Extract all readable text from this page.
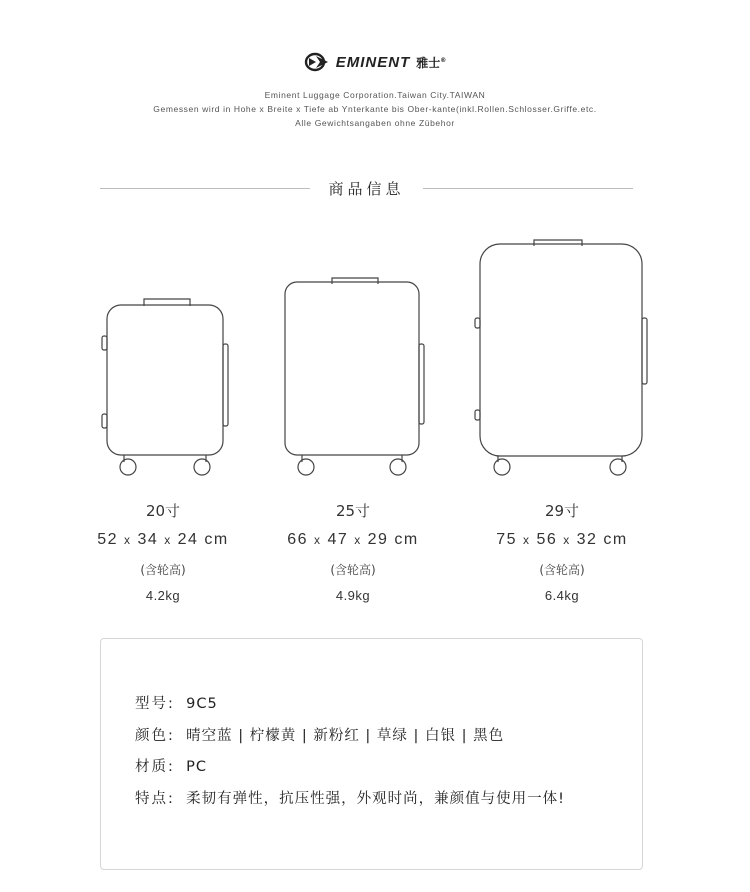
EMINENT 雅士®
Eminent Luggage Corporation.Taiwan City.TAIWAN
Gemessen wird in Hohe x Breite x Tiefe ab Ynterkante bis Ober-kante(inkl.Rollen.Schlosser.Griffe.etc.
Alle Gewichtsangaben ohne Zübehor
商品信息
20寸
52 x 34 x 24 cm
(含轮高)
4.2kg
25寸
66 x 47 x 29 cm
(含轮高)
4.9kg
29寸
75 x 56 x 32 cm
(含轮高)
6.4kg
型号: 9C5
颜色: 晴空蓝 | 柠檬黄 | 新粉红 | 草绿 | 白银 | 黑色
材质: PC
特点: 柔韧有弹性，抗压性强，外观时尚，兼颜值与使用一体!
